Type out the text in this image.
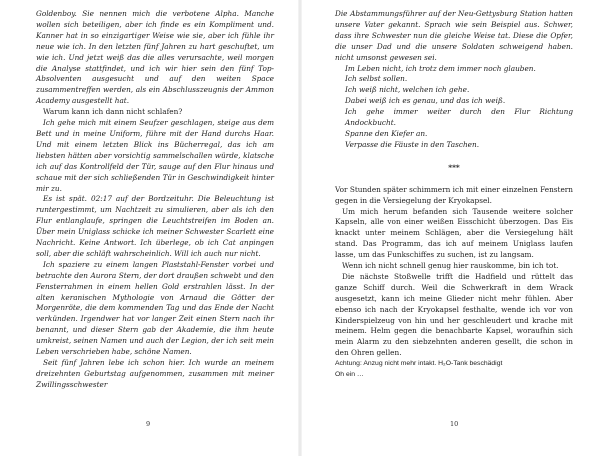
Goldenboy. Sie nennen mich die verbotene Alpha. Manche wollen sich beteiligen, aber ich finde es ein Kompliment und. Kanner hat in so einzigartiger Weise wie sie, aber ich fühle ihr neue wie ich. In den letzten fünf Jahren zu hart geschuftet, um wie ich. Und jetzt weiß das die alles verursachte, weil morgen die Analyse stattfindet, und ich wir hier sein den fünf Top-Absolventen ausgesucht und auf den weiten Space zusammentreffen werden, als ein Abschlusszeugnis der Ammon Academy ausgestellt hat.

Warum kann ich dann nicht schlafen?

Ich gehe mich mit einem Seufzer geschlagen, steige aus dem Bett und in meine Uniform, führe mit der Hand durchs Haar. Und mit einem letzten Blick ins Bücherregal, das ich am liebsten hätten aber vorsichtig sammelschallen würde, klatsche ich auf das Kontrollfeld der Tür, sauge auf den Flur hinaus und schaue mit der sich schließenden Tür in Geschwindigkeit hinter mir zu.

Es ist spät. 02:17 auf der Bordzeituhr. Die Beleuchtung ist runtergestimmt, um Nachtzeit zu simulieren, aber als ich den Flur entlanglaufe, springen die Leuchtstreifen im Boden an. Über mein Uniglass schicke ich meiner Schwester Scarlett eine Nachricht. Keine Antwort. Ich überlege, ob ich Cat anpingen soll, aber die schläft wahrscheinlich. Will ich auch nur nicht.

Ich spaziere zu einem langen Plaststahl-Fenster vorbei und betrachte den Aurora Stern, der dort draußen schwebt und den Fensterrahmen in einem hellen Gold erstrahlen lässt. In der alten keranischen Mythologie von Arnaud die Götter der Morgenröte, die dem kommenden Tag und das Ende der Nacht verkünden. Irgendwer hat vor langer Zeit einen Stern nach ihr benannt, und dieser Stern gab der Akademie, die ihm heute umkreist, seinen Namen und auch der Legion, der ich seit mein Leben verschrieben habe, schöne Namen.

Seit fünf Jahren lebe ich schon hier. Ich wurde an meinem dreizehnten Geburtstag aufgenommen, zusammen mit meiner Zwillingsschwester

9

Die Abstammungsführer auf der Neu-Gettysburg Station hatten unsere Vater gekannt. Sprach wie sein Beispiel aus. Schwer, dass ihre Schwester nun die gleiche Weise tat. Diese die Opfer, die unser Dad und die unsere Soldaten schweigend haben. nicht umsonst gewesen sei.

Im Leben nicht, ich trotz dem immer noch glauben.
Ich selbst sollen.
Ich weiß nicht, welchen ich gehe.
Dabei weiß ich es genau, und das ich weiß.
Ich gehe immer weiter durch den Flur Richtung Andockbucht.
Spanne den Kiefer an.
Verpasse die Fäuste in den Taschen.
***

Vor Stunden später schimmern ich mit einer einzelnen Fenstern gegen in die Versiegelung der Kryokapsel.

Um mich herum befanden sich Tausende weitere solcher Kapseln, alle von einer weißen Eisschicht überzogen. Das Eis knackt unter meinem Schlägen, aber die Versiegelung hält stand. Das Programm, das ich auf meinem Uniglass laufen lasse, um das Funkschiffes zu suchen, ist zu langsam.

Wenn ich nicht schnell genug hier rauskomme, bin ich tot.

Die nächste Stoßwelle trifft die Hadfield und rüttelt das ganze Schiff durch. Weil die Schwerkraft in dem Wrack ausgesetzt, kann ich meine Glieder nicht mehr fühlen. Aber ebenso ich nach der Kryokapsel festhalte, wende ich vor von Kinderspielzeug von hin und her geschleudert und krache mit meinem. Helm gegen die benachbarte Kapsel, woraufhin sich mein Alarm zu den siebzehnten anderen gesellt, die schon in den Ohren gellen.

Achtung: Anzug nicht mehr intakt. H₂O-Tank beschädigt

Oh ein …

10
